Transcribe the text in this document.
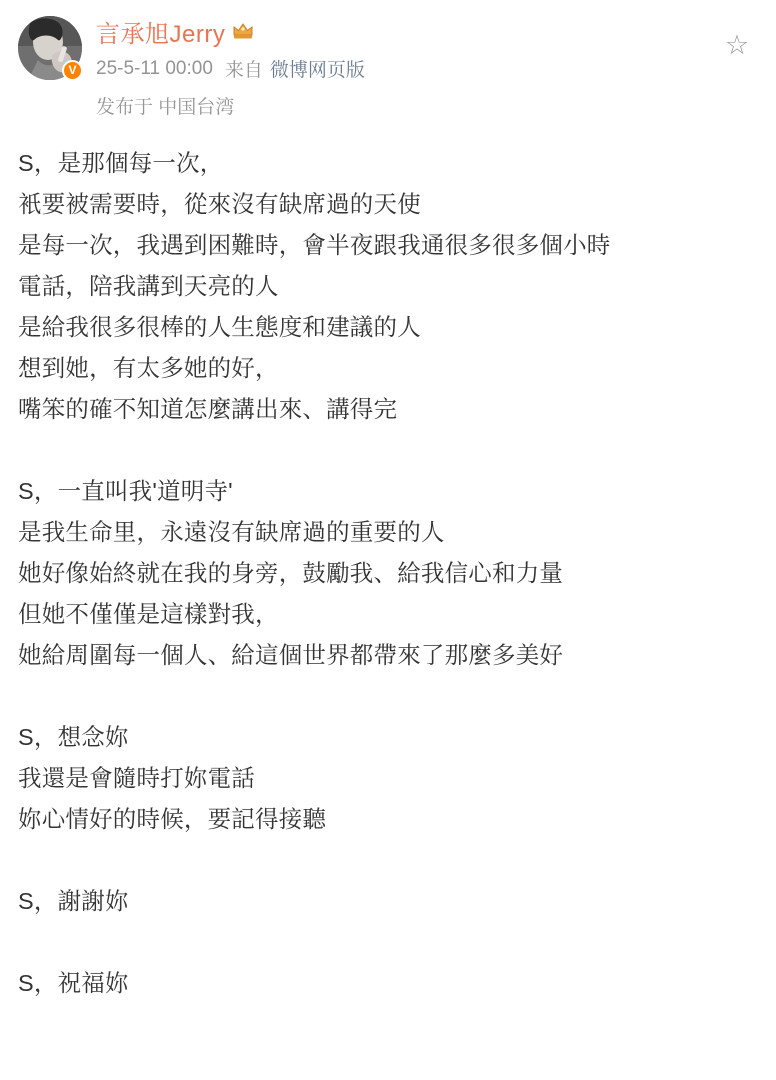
V
言承旭Jerry
25-5-11 00:00 来自 微博网页版
发布于 中国台湾
☆
S，是那個每一次，
衹要被需要時，從來沒有缺席過的天使
是每一次，我遇到困難時，會半夜跟我通很多很多個小時
電話，陪我講到天亮的人
是給我很多很棒的人生態度和建議的人
想到她，有太多她的好，
嘴笨的確不知道怎麼講出來、講得完
S，一直叫我'道明寺'
是我生命里，永遠沒有缺席過的重要的人
她好像始終就在我的身旁，鼓勵我、給我信心和力量
但她不僅僅是這樣對我，
她給周圍每一個人、給這個世界都帶來了那麼多美好
S，想念妳
我還是會隨時打妳電話
妳心情好的時候，要記得接聽
S，謝謝妳
S，祝福妳
